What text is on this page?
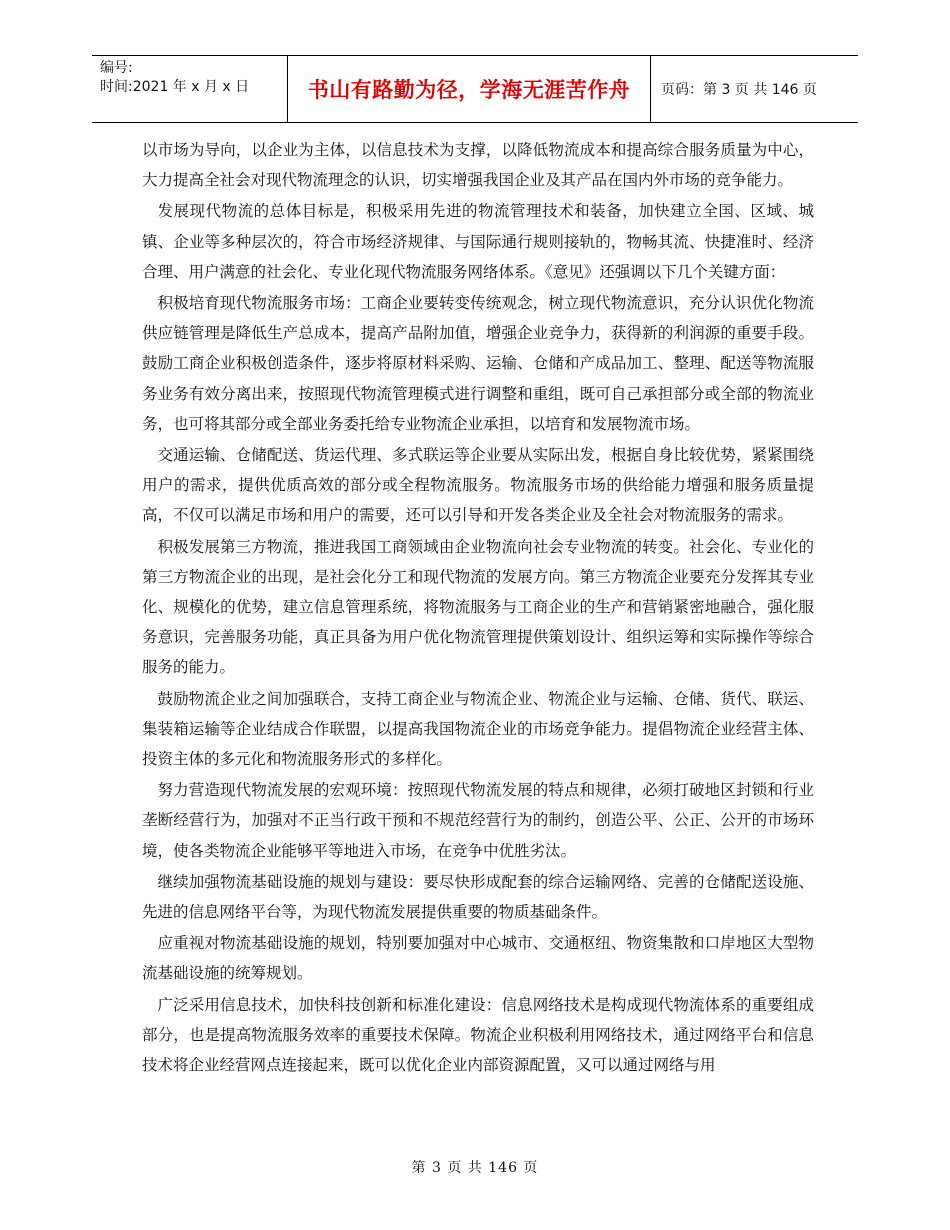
编号:
时间:2021 年 x 月 x 日	书山有路勤为径，学海无涯苦作舟	页码：第 3 页 共 146 页

以市场为导向，以企业为主体，以信息技术为支撑，以降低物流成本和提高综合服务质量为中心，大力提高全社会对现代物流理念的认识，切实增强我国企业及其产品在国内外市场的竞争能力。

发展现代物流的总体目标是，积极采用先进的物流管理技术和装备，加快建立全国、区域、城镇、企业等多种层次的，符合市场经济规律、与国际通行规则接轨的，物畅其流、快捷准时、经济合理、用户满意的社会化、专业化现代物流服务网络体系。《意见》还强调以下几个关键方面：

积极培育现代物流服务市场：工商企业要转变传统观念，树立现代物流意识，充分认识优化物流供应链管理是降低生产总成本，提高产品附加值，增强企业竞争力，获得新的利润源的重要手段。鼓励工商企业积极创造条件，逐步将原材料采购、运输、仓储和产成品加工、整理、配送等物流服务业务有效分离出来，按照现代物流管理模式进行调整和重组，既可自己承担部分或全部的物流业务，也可将其部分或全部业务委托给专业物流企业承担，以培育和发展物流市场。

交通运输、仓储配送、货运代理、多式联运等企业要从实际出发，根据自身比较优势，紧紧围绕用户的需求，提供优质高效的部分或全程物流服务。物流服务市场的供给能力增强和服务质量提高，不仅可以满足市场和用户的需要，还可以引导和开发各类企业及全社会对物流服务的需求。

积极发展第三方物流，推进我国工商领域由企业物流向社会专业物流的转变。社会化、专业化的第三方物流企业的出现，是社会化分工和现代物流的发展方向。第三方物流企业要充分发挥其专业化、规模化的优势，建立信息管理系统，将物流服务与工商企业的生产和营销紧密地融合，强化服务意识，完善服务功能，真正具备为用户优化物流管理提供策划设计、组织运筹和实际操作等综合服务的能力。

鼓励物流企业之间加强联合，支持工商企业与物流企业、物流企业与运输、仓储、货代、联运、集装箱运输等企业结成合作联盟，以提高我国物流企业的市场竞争能力。提倡物流企业经营主体、投资主体的多元化和物流服务形式的多样化。

努力营造现代物流发展的宏观环境：按照现代物流发展的特点和规律，必须打破地区封锁和行业垄断经营行为，加强对不正当行政干预和不规范经营行为的制约，创造公平、公正、公开的市场环境，使各类物流企业能够平等地进入市场，在竞争中优胜劣汰。

继续加强物流基础设施的规划与建设：要尽快形成配套的综合运输网络、完善的仓储配送设施、先进的信息网络平台等，为现代物流发展提供重要的物质基础条件。

应重视对物流基础设施的规划，特别要加强对中心城市、交通枢纽、物资集散和口岸地区大型物流基础设施的统筹规划。

广泛采用信息技术，加快科技创新和标准化建设：信息网络技术是构成现代物流体系的重要组成部分，也是提高物流服务效率的重要技术保障。物流企业积极利用网络技术，通过网络平台和信息技术将企业经营网点连接起来，既可以优化企业内部资源配置，又可以通过网络与用

第 3 页 共 146 页
